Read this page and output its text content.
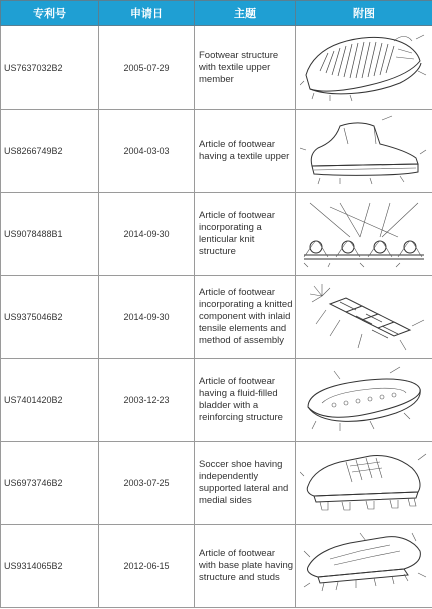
专利号	申请日	主题	附图
US7637032B2	2005-07-29	Footwear structure with textile upper member	

US8266749B2	2004-03-03	Article of footwear having a textile upper	

US9078488B1	2014-09-30	Article of footwear incorporating a lenticular knit structure	

US9375046B2	2014-09-30	Article of footwear incorporating a knitted component with inlaid tensile elements and method of assembly	

US7401420B2	2003-12-23	Article of footwear having a fluid-filled bladder with a reinforcing structure	

US6973746B2	2003-07-25	Soccer shoe having independently supported lateral and medial sides	

US9314065B2	2012-06-15	Article of footwear with base plate having structure and studs	
